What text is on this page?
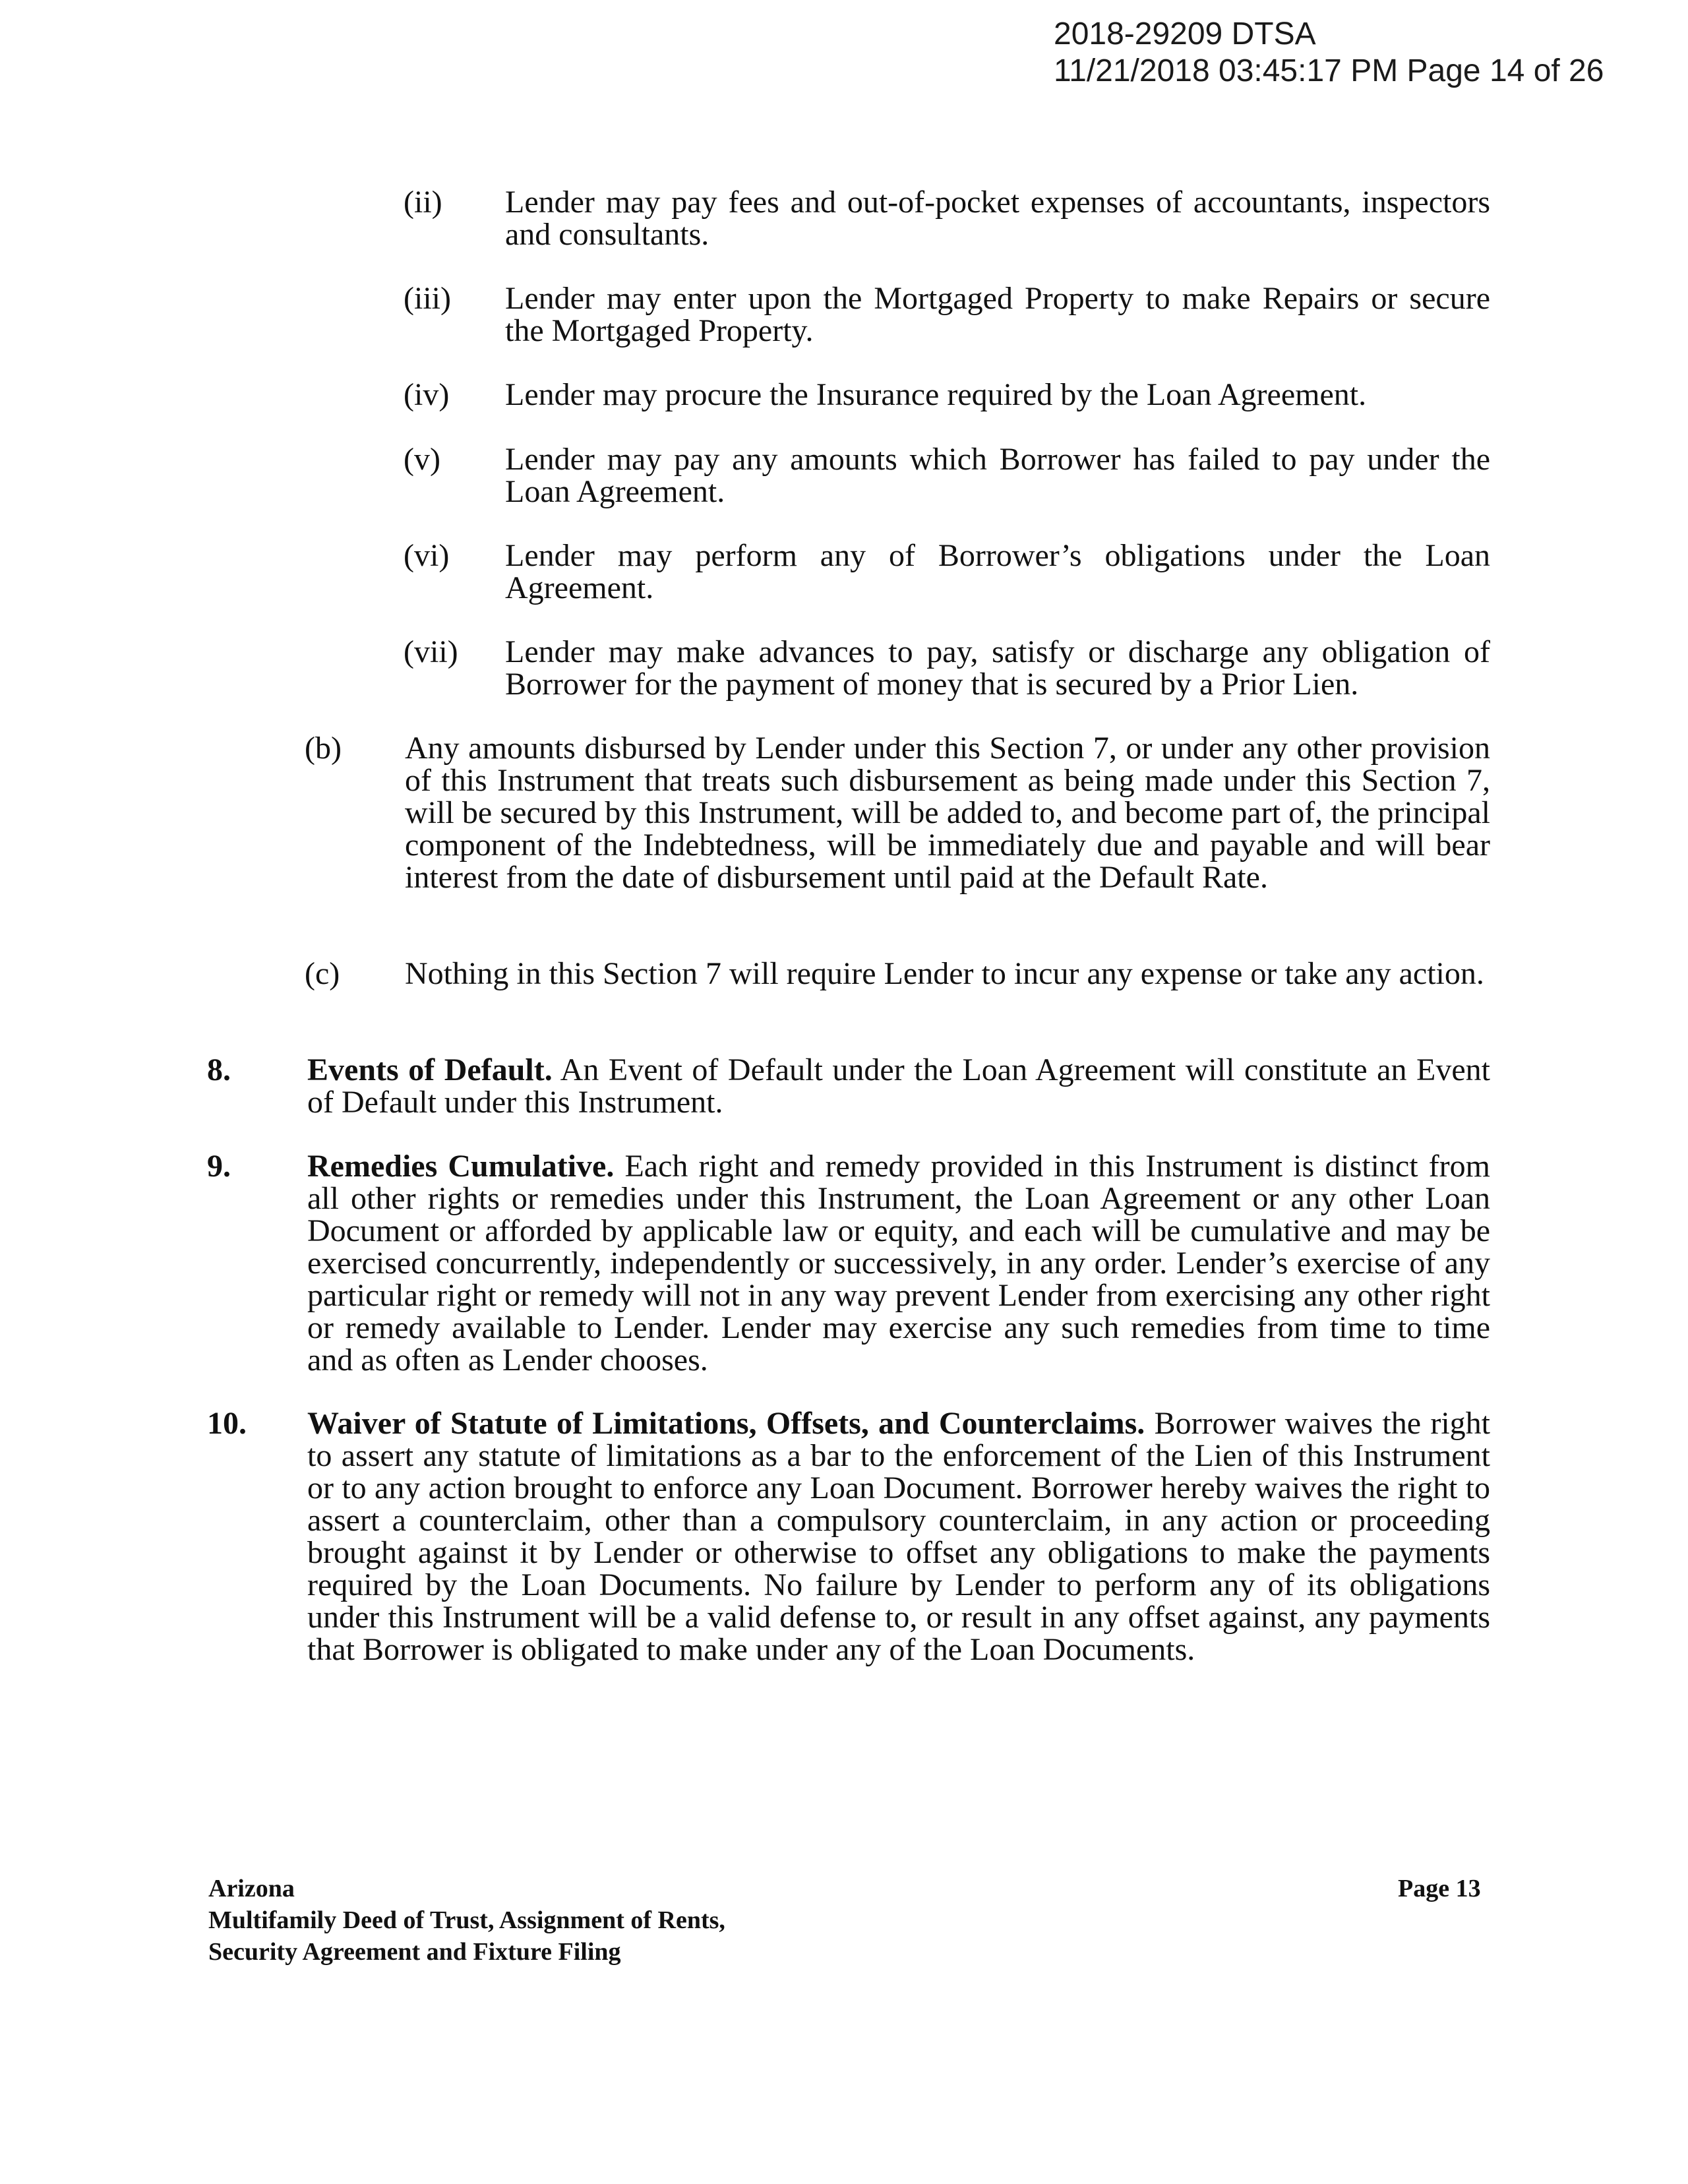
2018-29209 DTSA
11/21/2018 03:45:17 PM Page 14 of 26
(ii) Lender may pay fees and out-of-pocket expenses of accountants, inspectors and consultants.
(iii) Lender may enter upon the Mortgaged Property to make Repairs or secure the Mortgaged Property.
(iv) Lender may procure the Insurance required by the Loan Agreement.
(v) Lender may pay any amounts which Borrower has failed to pay under the Loan Agreement.
(vi) Lender may perform any of Borrower’s obligations under the Loan Agreement.
(vii) Lender may make advances to pay, satisfy or discharge any obligation of Borrower for the payment of money that is secured by a Prior Lien.
(b) Any amounts disbursed by Lender under this Section 7, or under any other provision of this Instrument that treats such disbursement as being made under this Section 7, will be secured by this Instrument, will be added to, and become part of, the principal component of the Indebtedness, will be immediately due and payable and will bear interest from the date of disbursement until paid at the Default Rate.
(c) Nothing in this Section 7 will require Lender to incur any expense or take any action.
8. Events of Default. An Event of Default under the Loan Agreement will constitute an Event of Default under this Instrument.
9. Remedies Cumulative. Each right and remedy provided in this Instrument is distinct from all other rights or remedies under this Instrument, the Loan Agreement or any other Loan Document or afforded by applicable law or equity, and each will be cumulative and may be exercised concurrently, independently or successively, in any order. Lender’s exercise of any particular right or remedy will not in any way prevent Lender from exercising any other right or remedy available to Lender. Lender may exercise any such remedies from time to time and as often as Lender chooses.
10. Waiver of Statute of Limitations, Offsets, and Counterclaims. Borrower waives the right to assert any statute of limitations as a bar to the enforcement of the Lien of this Instrument or to any action brought to enforce any Loan Document. Borrower hereby waives the right to assert a counterclaim, other than a compulsory counterclaim, in any action or proceeding brought against it by Lender or otherwise to offset any obligations to make the payments required by the Loan Documents. No failure by Lender to perform any of its obligations under this Instrument will be a valid defense to, or result in any offset against, any payments that Borrower is obligated to make under any of the Loan Documents.
Arizona
Multifamily Deed of Trust, Assignment of Rents,
Security Agreement and Fixture Filing
Page 13
